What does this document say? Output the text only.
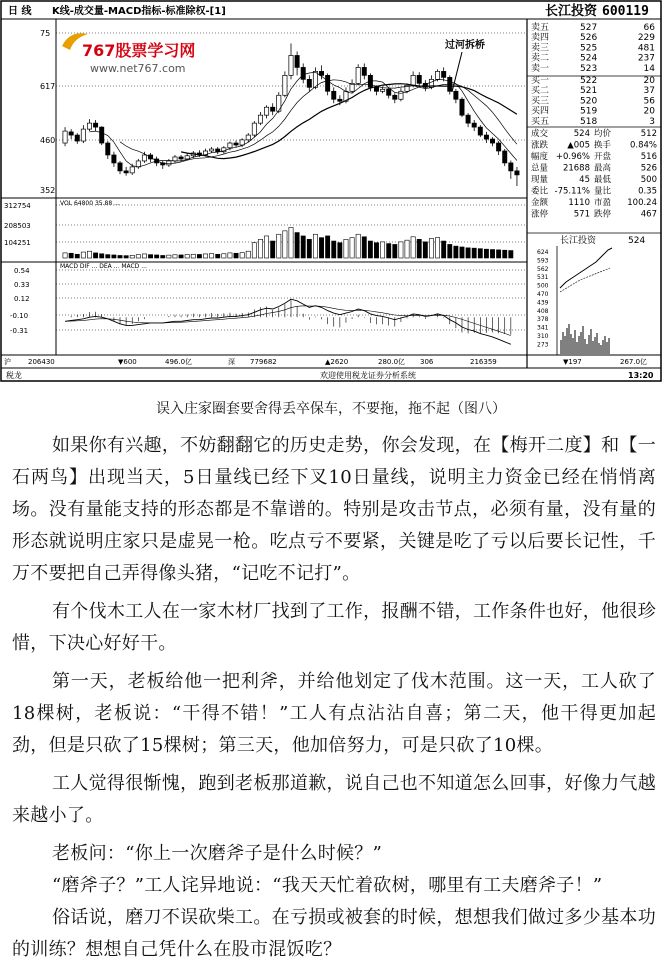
日 线 K线-成交量-MACD指标-标准除权-[1]	长江投资 600119
75
617
460
352
312754
208503
104251
0.54
0.33
0.12
-0.10
-0.31
VOL 64800 35.88 ...
MACD DIF ... DEA ... MACD ...
767股票学习网
www.net767.com
过河拆桥
卖五	527	66
卖四	526	229
卖三	525	481
卖二	524	237
卖一	523	14
买一	522	20
买二	521	37
买三	520	56
买四	519	20
买五	518	3
成交	524 均价	512
涨跌 ▲005 换手 0.84%
幅度 +0.96% 开盘	516
总量 21688 最高	526
现量	45 最低	500
委比 -75.11% 量比	0.35
金额 1110 市盈 100.24
涨停	571 跌停	467
长江投资	524
624
593
562
531
500
470
439
408
378
341
310
273
沪 206430	▼600	496.0亿	深 779682	▲2620	280.0亿 306	216359	▼197	267.0亿
税龙	欢迎使用税龙证券分析系统	13:20
误入庄家圈套要舍得丢卒保车，不要拖，拖不起（图八）

如果你有兴趣，不妨翻翻它的历史走势，你会发现，在【梅开二度】和【一石两鸟】出现当天，5日量线已经下叉10日量线，说明主力资金已经在悄悄离场。没有量能支持的形态都是不靠谱的。特别是攻击节点，必须有量，没有量的形态就说明庄家只是虚晃一枪。吃点亏不要紧，关键是吃了亏以后要长记性，千万不要把自己弄得像头猪，“记吃不记打”。

有个伐木工人在一家木材厂找到了工作，报酬不错，工作条件也好，他很珍惜，下决心好好干。

第一天，老板给他一把利斧，并给他划定了伐木范围。这一天，工人砍了18棵树，老板说：“干得不错！”工人有点沾沾自喜；第二天，他干得更加起劲，但是只砍了15棵树；第三天，他加倍努力，可是只砍了10棵。

工人觉得很惭愧，跑到老板那道歉，说自己也不知道怎么回事，好像力气越来越小了。

老板问：“你上一次磨斧子是什么时候？”

“磨斧子？”工人诧异地说：“我天天忙着砍树，哪里有工夫磨斧子！”

俗话说，磨刀不误砍柴工。在亏损或被套的时候，想想我们做过多少基本功的训练？想想自己凭什么在股市混饭吃？
